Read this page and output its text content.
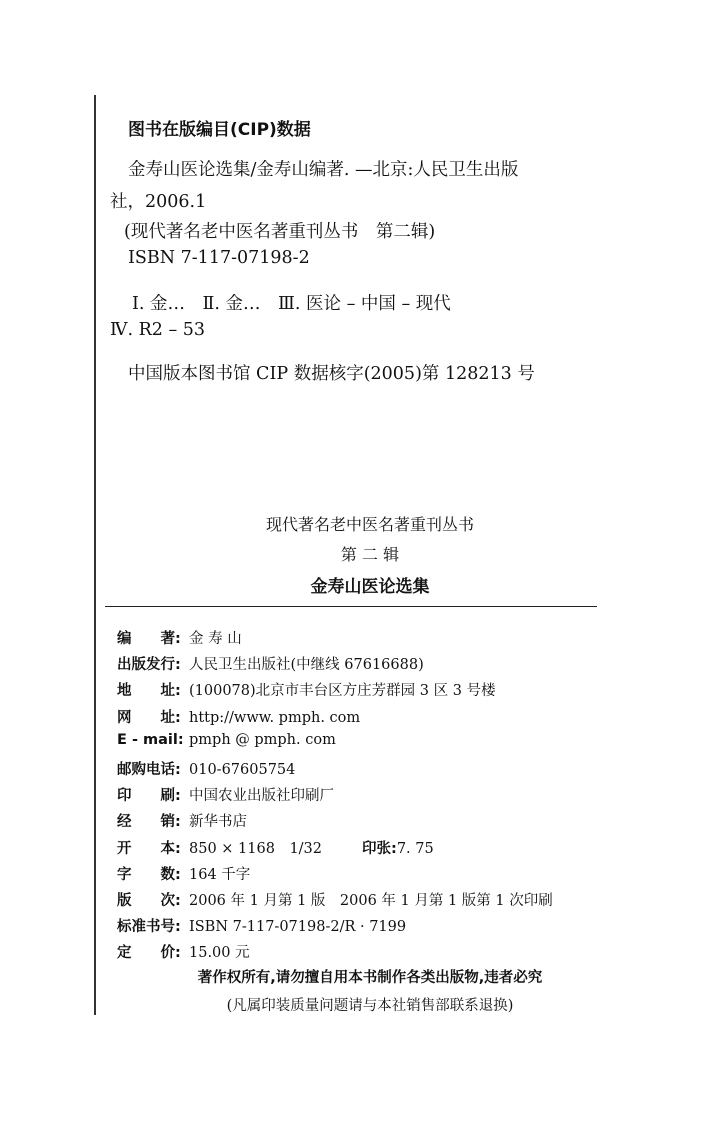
图书在版编目(CIP)数据
金寿山医论选集/金寿山编著. —北京:人民卫生出版
社，2006.1
(现代著名老中医名著重刊丛书　第二辑)
ISBN 7-117-07198-2
Ⅰ. 金…　Ⅱ. 金…　Ⅲ. 医论 – 中国 – 现代
Ⅳ. R2 – 53
中国版本图书馆 CIP 数据核字(2005)第 128213 号
现代著名老中医名著重刊丛书
第 二 辑
金寿山医论选集
编　　著: 金 寿 山
出版发行: 人民卫生出版社(中继线 67616688)
地　　址: (100078)北京市丰台区方庄芳群园 3 区 3 号楼
网　　址: http://www. pmph. com
E - mail: pmph @ pmph. com
邮购电话: 010-67605754
印　　刷: 中国农业出版社印刷厂
经　　销: 新华书店
开　　本: 850 × 1168　1/32	印张:7. 75
字　　数: 164 千字
版　　次: 2006 年 1 月第 1 版　2006 年 1 月第 1 版第 1 次印刷
标准书号: ISBN 7-117-07198-2/R · 7199
定　　价: 15.00 元
著作权所有,请勿擅自用本书制作各类出版物,违者必究
(凡属印装质量问题请与本社销售部联系退换)
